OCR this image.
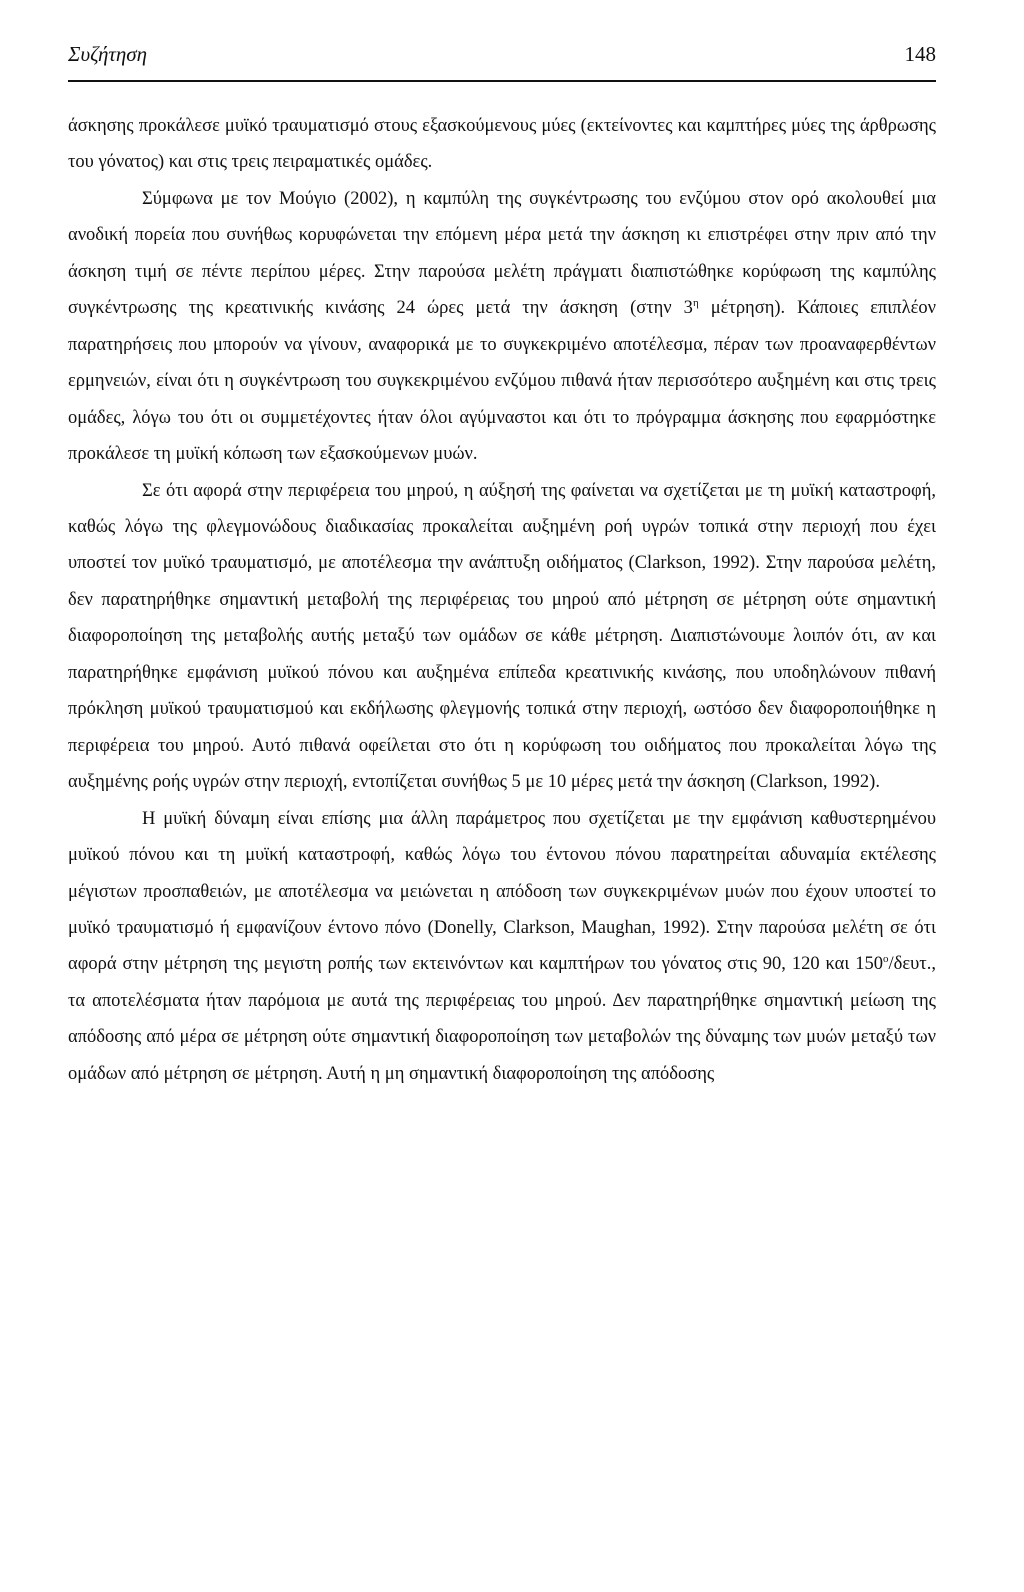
Συζήτηση	148

άσκησης προκάλεσε μυϊκό τραυματισμό στους εξασκούμενους μύες (εκτείνοντες και καμπτήρες μύες της άρθρωσης του γόνατος) και στις τρεις πειραματικές ομάδες.

Σύμφωνα με τον Μούγιο (2002), η καμπύλη της συγκέντρωσης του ενζύμου στον ορό ακολουθεί μια ανοδική πορεία που συνήθως κορυφώνεται την επόμενη μέρα μετά την άσκηση κι επιστρέφει στην πριν από την άσκηση τιμή σε πέντε περίπου μέρες. Στην παρούσα μελέτη πράγματι διαπιστώθηκε κορύφωση της καμπύλης συγκέντρωσης της κρεατινικής κινάσης 24 ώρες μετά την άσκηση (στην $3^\eta$ μέτρηση). Κάποιες επιπλέον παρατηρήσεις που μπορούν να γίνουν, αναφορικά με το συγκεκριμένο αποτέλεσμα, πέραν των προαναφερθέντων ερμηνειών, είναι ότι η συγκέντρωση του συγκεκριμένου ενζύμου πιθανά ήταν περισσότερο αυξημένη και στις τρεις ομάδες, λόγω του ότι οι συμμετέχοντες ήταν όλοι αγύμναστοι και ότι το πρόγραμμα άσκησης που εφαρμόστηκε προκάλεσε τη μυϊκή κόπωση των εξασκούμενων μυών.

Σε ότι αφορά στην περιφέρεια του μηρού, η αύξησή της φαίνεται να σχετίζεται με τη μυϊκή καταστροφή, καθώς λόγω της φλεγμονώδους διαδικασίας προκαλείται αυξημένη ροή υγρών τοπικά στην περιοχή που έχει υποστεί τον μυϊκό τραυματισμό, με αποτέλεσμα την ανάπτυξη οιδήματος (Clarkson, 1992). Στην παρούσα μελέτη, δεν παρατηρήθηκε σημαντική μεταβολή της περιφέρειας του μηρού από μέτρηση σε μέτρηση ούτε σημαντική διαφοροποίηση της μεταβολής αυτής μεταξύ των ομάδων σε κάθε μέτρηση. Διαπιστώνουμε λοιπόν ότι, αν και παρατηρήθηκε εμφάνιση μυϊκού πόνου και αυξημένα επίπεδα κρεατινικής κινάσης, που υποδηλώνουν πιθανή πρόκληση μυϊκού τραυματισμού και εκδήλωσης φλεγμονής τοπικά στην περιοχή, ωστόσο δεν διαφοροποιήθηκε η περιφέρεια του μηρού. Αυτό πιθανά οφείλεται στο ότι η κορύφωση του οιδήματος που προκαλείται λόγω της αυξημένης ροής υγρών στην περιοχή, εντοπίζεται συνήθως 5 με 10 μέρες μετά την άσκηση (Clarkson, 1992).

Η μυϊκή δύναμη είναι επίσης μια άλλη παράμετρος που σχετίζεται με την εμφάνιση καθυστερημένου μυϊκού πόνου και τη μυϊκή καταστροφή, καθώς λόγω του έντονου πόνου παρατηρείται αδυναμία εκτέλεσης μέγιστων προσπαθειών, με αποτέλεσμα να μειώνεται η απόδοση των συγκεκριμένων μυών που έχουν υποστεί το μυϊκό τραυματισμό ή εμφανίζουν έντονο πόνο (Donelly, Clarkson, Maughan, 1992). Στην παρούσα μελέτη σε ότι αφορά στην μέτρηση της μεγιστη ροπής των εκτεινόντων και καμπτήρων του γόνατος στις 90, 120 και $150^o$/δευτ., τα αποτελέσματα ήταν παρόμοια με αυτά της περιφέρειας του μηρού. Δεν παρατηρήθηκε σημαντική μείωση της απόδοσης από μέρα σε μέτρηση ούτε σημαντική διαφοροποίηση των μεταβολών της δύναμης των μυών μεταξύ των ομάδων από μέτρηση σε μέτρηση. Αυτή η μη σημαντική διαφοροποίηση της απόδοσης
